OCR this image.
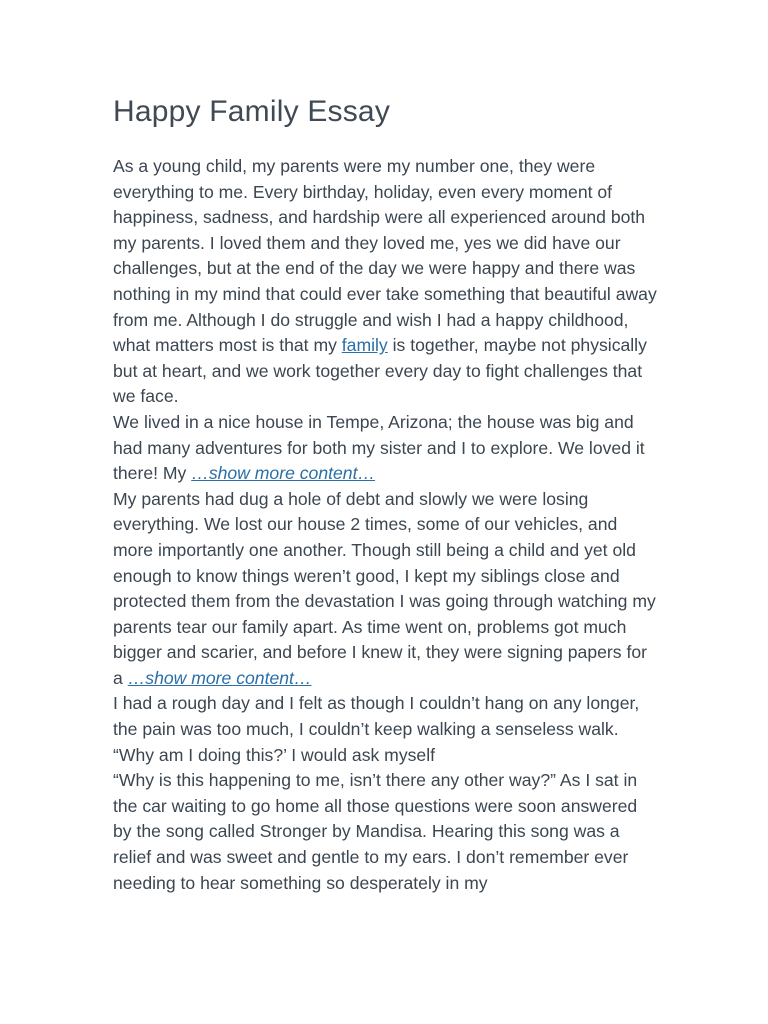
Happy Family Essay

As a young child, my parents were my number one, they were everything to me. Every birthday, holiday, even every moment of happiness, sadness, and hardship were all experienced around both my parents. I loved them and they loved me, yes we did have our challenges, but at the end of the day we were happy and there was nothing in my mind that could ever take something that beautiful away from me. Although I do struggle and wish I had a happy childhood, what matters most is that my family is together, maybe not physically but at heart, and we work together every day to fight challenges that we face.

We lived in a nice house in Tempe, Arizona; the house was big and had many adventures for both my sister and I to explore. We loved it there! My …show more content…

My parents had dug a hole of debt and slowly we were losing everything. We lost our house 2 times, some of our vehicles, and more importantly one another. Though still being a child and yet old enough to know things weren’t good, I kept my siblings close and protected them from the devastation I was going through watching my parents tear our family apart. As time went on, problems got much bigger and scarier, and before I knew it, they were signing papers for a …show more content…

I had a rough day and I felt as though I couldn’t hang on any longer, the pain was too much, I couldn’t keep walking a senseless walk.

“Why am I doing this?’ I would ask myself

“Why is this happening to me, isn’t there any other way?” As I sat in the car waiting to go home all those questions were soon answered by the song called Stronger by Mandisa. Hearing this song was a relief and was sweet and gentle to my ears. I don’t remember ever needing to hear something so desperately in my
